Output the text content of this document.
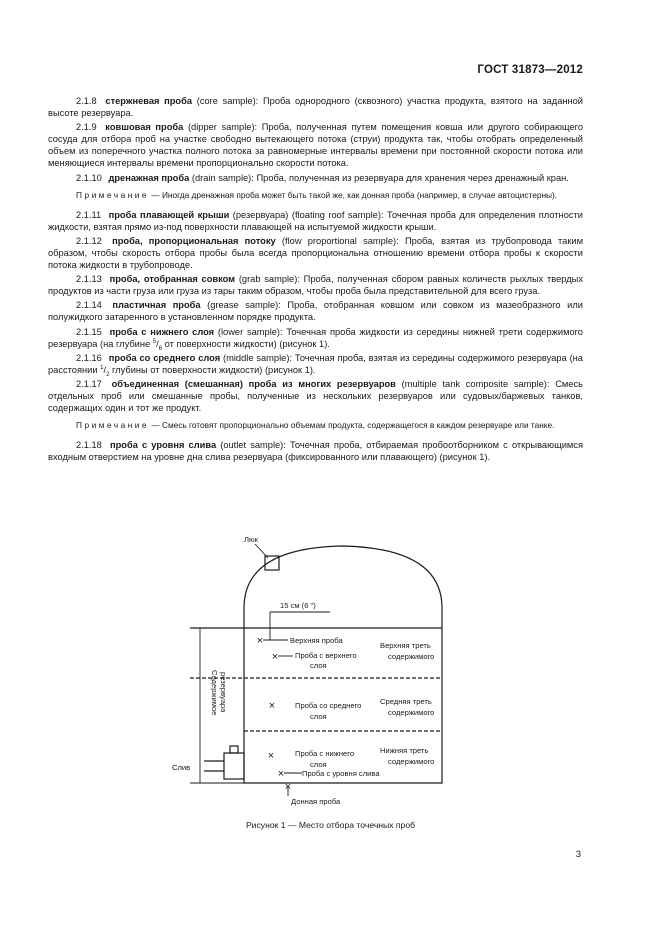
ГОСТ 31873—2012

2.1.8 стержневая проба (core sample): Проба однородного (сквозного) участка продукта, взятого на заданной высоте резервуара.

2.1.9 ковшовая проба (dipper sample): Проба, полученная путем помещения ковша или другого собирающего сосуда для отбора проб на участке свободно вытекающего потока (струи) продукта так, чтобы отобрать определенный объем из поперечного участка полного потока за равномерные интервалы времени при постоянной скорости потока или меняющиеся интервалы времени пропорционально скорости потока.

2.1.10 дренажная проба (drain sample): Проба, полученная из резервуара для хранения через дренажный кран.

Примечание — Иногда дренажная проба может быть такой же, как донная проба (например, в случае автоцистерны).

2.1.11 проба плавающей крыши (резервуара) (floating roof sample): Точечная проба для определения плотности жидкости, взятая прямо из-под поверхности плавающей на испытуемой жидкости крыши.

2.1.12 проба, пропорциональная потоку (flow proportional sample): Проба, взятая из трубопровода таким образом, чтобы скорость отбора пробы была всегда пропорциональна отношению времени отбора пробы к скорости потока жидкости в трубопроводе.

2.1.13 проба, отобранная совком (grab sample): Проба, полученная сбором равных количеств рыхлых твердых продуктов из части груза или груза из тары таким образом, чтобы проба была представительной для всего груза.

2.1.14 пластичная проба (grease sample): Проба, отобранная ковшом или совком из мазеобразного или полужидкого затаренного в установленном порядке продукта.

2.1.15 проба с нижнего слоя (lower sample): Точечная проба жидкости из середины нижней трети содержимого резервуара (на глубине $^5/_6$ от поверхности жидкости) (рисунок 1).

2.1.16 проба со среднего слоя (middle sample): Точечная проба, взятая из середины содержимого резервуара (на расстоянии $^1/_2$ глубины от поверхности жидкости) (рисунок 1).

2.1.17 объединенная (смешанная) проба из многих резервуаров (multiple tank composite sample): Смесь отдельных проб или смешанные пробы, полученные из нескольких резервуаров или судовых/баржевых танков, содержащих один и тот же продукт.

Примечание — Смесь готовят пропорционально объемам продукта, содержащегося в каждом резервуаре или танке.

2.1.18 проба с уровня слива (outlet sample): Точечная проба, отбираемая пробоотборником с открывающимся входным отверстием на уровне дна слива резервуара (фиксированного или плавающего) (рисунок 1).

×
×
×
×
×
×
Люк
15 см (6 ")
Верхняя проба
Проба с верхнего
слоя
Верхняя треть
содержимого
Проба со среднего
слоя
Средняя треть
содержимого
Проба с нижнего
слоя
Нижняя треть
содержимого
Проба с уровня слива
Слив
Донная проба
Содержимое резервуара
Рисунок 1 — Место отбора точечных проб
3
